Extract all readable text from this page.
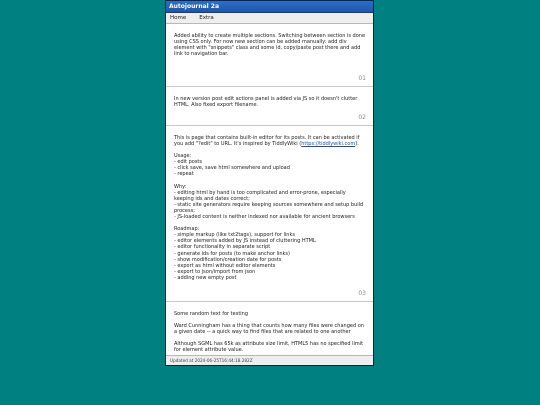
Autojournal 2a
Home Extra

Added ability to create multiple sections. Switching between section is done using CSS only. For now new section can be added manually: add div element with "snippets" class and some id, copy/paste post there and add link to navigation bar.

01

In new version post edit actions panel is added via JS so it doesn't clutter HTML. Also fixed export filename.

02

This is page that contains built-in editor for its posts. It can be activated if you add "?edit" to URL. It's inspired by TiddlyWiki (https://tiddlywiki.com).

Usage:
- edit posts
- click save, save html somewhere and upload
- repeat
Why:
- editing html by hand is too complicated and error-prone, especially keeping ids and dates correct;
- static site generators require keeping sources somewhere and setup build process;
- JS-loaded content is neither indexed nor available for ancient browsers
Roadmap:
- simple markup (like txt2tags), support for links
- editor elements added by JS instead of cluttering HTML
- editor functionality in separate script
- generate ids for posts (to make anchor links)
- show modification/creation date for posts
- export as html without editor elements
- export to json/import from json
- adding new empty post
03

Some random text for testing

Ward Cunningham has a thing that counts how many files were changed on a given date -- a quick way to find files that are related to one another

Although SGML has 65k as attribute size limit, HTML5 has no specified limit for element attribute value.

Updated at 2024-06-25T16:44:18.282Z
